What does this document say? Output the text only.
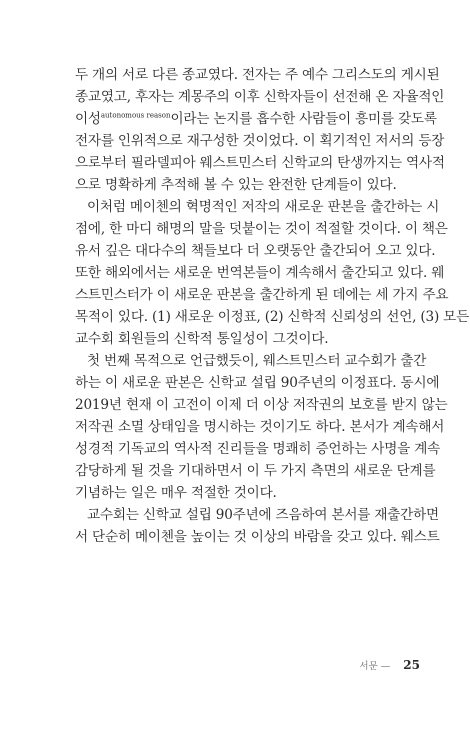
두 개의 서로 다른 종교였다. 전자는 주 예수 그리스도의 게시된
종교였고, 후자는 계몽주의 이후 신학자들이 선전해 온 자율적인
이성$^{autonomous reason}$ 이라는 논지를 흡수한 사람들이 흥미를 갖도록
전자를 인위적으로 재구성한 것이었다. 이 획기적인 저서의 등장
으로부터 필라델피아 웨스트민스터 신학교의 탄생까지는 역사적
으로 명확하게 추적해 볼 수 있는 완전한 단계들이 있다.
이처럼 메이첸의 혁명적인 저작의 새로운 판본을 출간하는 시
점에, 한 마디 해명의 말을 덧붙이는 것이 적절할 것이다. 이 책은
유서 깊은 대다수의 책들보다 더 오랫동안 출간되어 오고 있다.
또한 해외에서는 새로운 번역본들이 계속해서 출간되고 있다. 웨
스트민스터가 이 새로운 판본을 출간하게 된 데에는 세 가지 주요
목적이 있다. (1) 새로운 이정표, (2) 신학적 신뢰성의 선언, (3) 모든
교수회 회원들의 신학적 통일성이 그것이다.
첫 번째 목적으로 언급했듯이, 웨스트민스터 교수회가 출간
하는 이 새로운 판본은 신학교 설립 90주년의 이정표다. 동시에
2019년 현재 이 고전이 이제 더 이상 저작권의 보호를 받지 않는
저작권 소멸 상태임을 명시하는 것이기도 하다. 본서가 계속해서
성경적 기독교의 역사적 진리들을 명쾌히 증언하는 사명을 계속
감당하게 될 것을 기대하면서 이 두 가지 측면의 새로운 단계를
기념하는 일은 매우 적절한 것이다.
교수회는 신학교 설립 90주년에 즈음하여 본서를 재출간하면
서 단순히 메이첸을 높이는 것 이상의 바람을 갖고 있다. 웨스트
서문 — 25
